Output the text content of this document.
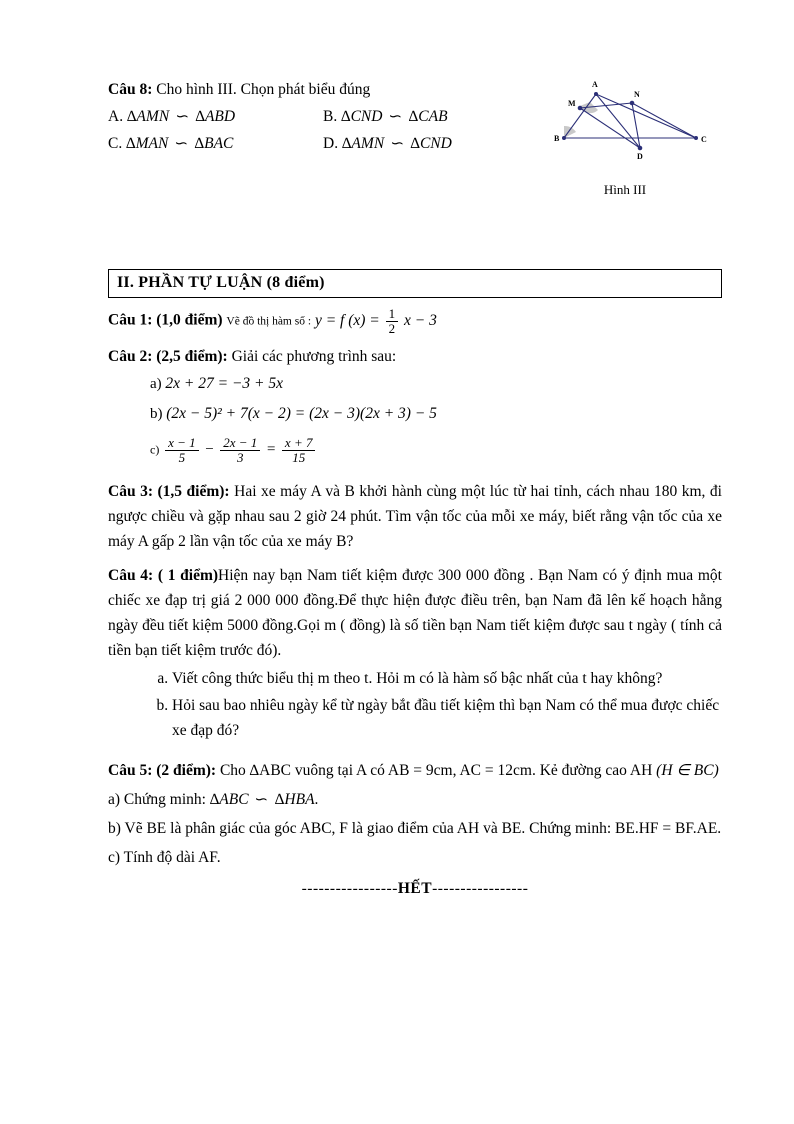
A
M
N
B
D
C
Hình III

Câu 8: Cho hình III. Chọn phát biểu đúng

A. ∆AMN ∽ ∆ABD	B. ∆CND ∽ ∆CAB
C. ∆MAN ∽ ∆BAC	D. ∆AMN ∽ ∆CND
II. PHẦN TỰ LUẬN (8 điểm)

Câu 1: (1,0 điểm) Vẽ đồ thị hàm số : y = f $(x) = \frac{1}{2}$ x − 3

Câu 2: (2,5 điểm): Giải các phương trình sau:

a) 2x + 27 = −3 + 5x
b) (2x − 5)² + 7(x − 2) = (2x − 3)(2x + 3) − 5
$c) \frac{x - 1}{5} - \frac{2x - 1}{3} = \frac{x + 7}{15}$

Câu 3: (1,5 điểm): Hai xe máy A và B khởi hành cùng một lúc từ hai tỉnh, cách nhau 180 km, đi ngược chiều và gặp nhau sau 2 giờ 24 phút. Tìm vận tốc của mỗi xe máy, biết rằng vận tốc của xe máy A gấp 2 lần vận tốc của xe máy B?

Câu 4: ( 1 điểm)Hiện nay bạn Nam tiết kiệm được 300 000 đồng . Bạn Nam có ý định mua một chiếc xe đạp trị giá 2 000 000 đồng.Để thực hiện được điều trên, bạn Nam đã lên kế hoạch hằng ngày đều tiết kiệm 5000 đồng.Gọi m ( đồng) là số tiền bạn Nam tiết kiệm được sau t ngày ( tính cả tiền bạn tiết kiệm trước đó).

a. Viết công thức biểu thị m theo t. Hỏi m có là hàm số bậc nhất của t hay không?
b. Hỏi sau bao nhiêu ngày kể từ ngày bắt đầu tiết kiệm thì bạn Nam có thể mua được chiếc xe đạp đó?

Câu 5: (2 điểm): Cho ∆ABC vuông tại A có AB = 9cm, AC = 12cm. Kẻ đường cao AH (H ∈ BC)

a) Chứng minh: ∆ABC ∽ ∆HBA.

b) Vẽ BE là phân giác của góc ABC, F là giao điểm của AH và BE. Chứng minh: BE.HF = BF.AE.

c) Tính độ dài AF.

-----------------HẾT-----------------
